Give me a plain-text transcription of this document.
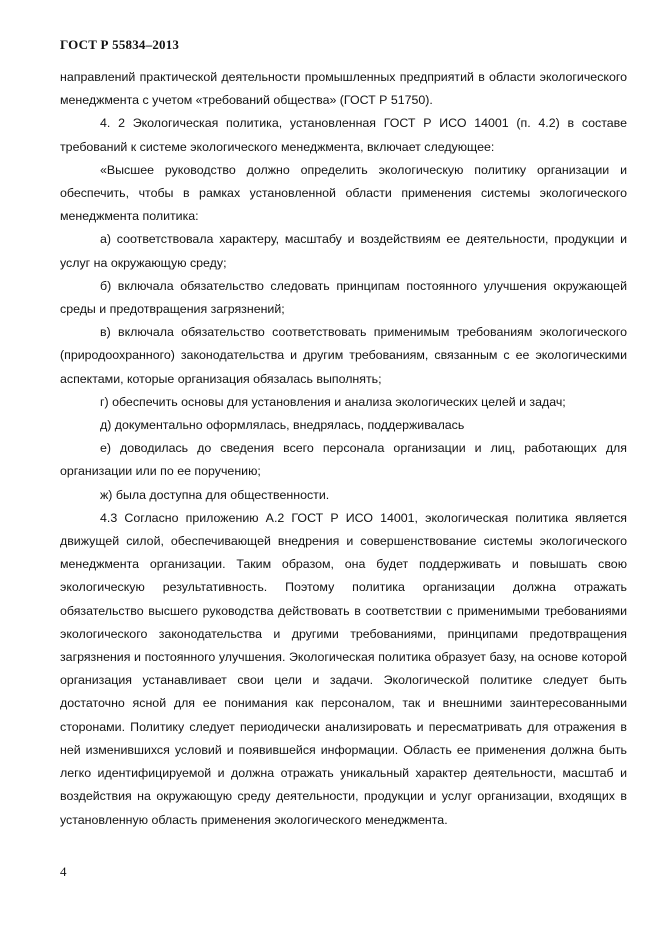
ГОСТ Р 55834–2013

направлений практической деятельности промышленных предприятий в области экологического менеджмента с учетом «требований общества» (ГОСТ Р 51750).

4. 2 Экологическая политика, установленная ГОСТ Р ИСО 14001 (п. 4.2) в составе требований к системе экологического менеджмента, включает следующее:

«Высшее руководство должно определить экологическую политику организации и обеспечить, чтобы в рамках установленной области применения системы экологического менеджмента политика:

а) соответствовала характеру, масштабу и воздействиям ее деятельности, продукции и услуг на окружающую среду;

б) включала обязательство следовать принципам постоянного улучшения окружающей среды и предотвращения загрязнений;

в) включала обязательство соответствовать применимым требованиям экологического (природоохранного) законодательства и другим требованиям, связанным с ее экологическими аспектами, которые организация обязалась выполнять;

г) обеспечить основы для установления и анализа экологических целей и задач;

д) документально оформлялась, внедрялась, поддерживалась

е) доводилась до сведения всего персонала организации и лиц, работающих для организации или по ее поручению;

ж) была доступна для общественности.

4.3 Согласно приложению А.2 ГОСТ Р ИСО 14001, экологическая политика является движущей силой, обеспечивающей внедрения и совершенствование системы экологического менеджмента организации. Таким образом, она будет поддерживать и повышать свою экологическую результативность. Поэтому политика организации должна отражать обязательство высшего руководства действовать в соответствии с применимыми требованиями экологического законодательства и другими требованиями, принципами предотвращения загрязнения и постоянного улучшения. Экологическая политика образует базу, на основе которой организация устанавливает свои цели и задачи. Экологической политике следует быть достаточно ясной для ее понимания как персоналом, так и внешними заинтересованными сторонами. Политику следует периодически анализировать и пересматривать для отражения в ней изменившихся условий и появившейся информации. Область ее применения должна быть легко идентифицируемой и должна отражать уникальный характер деятельности, масштаб и воздействия на окружающую среду деятельности, продукции и услуг организации, входящих в установленную область применения экологического менеджмента.

4
